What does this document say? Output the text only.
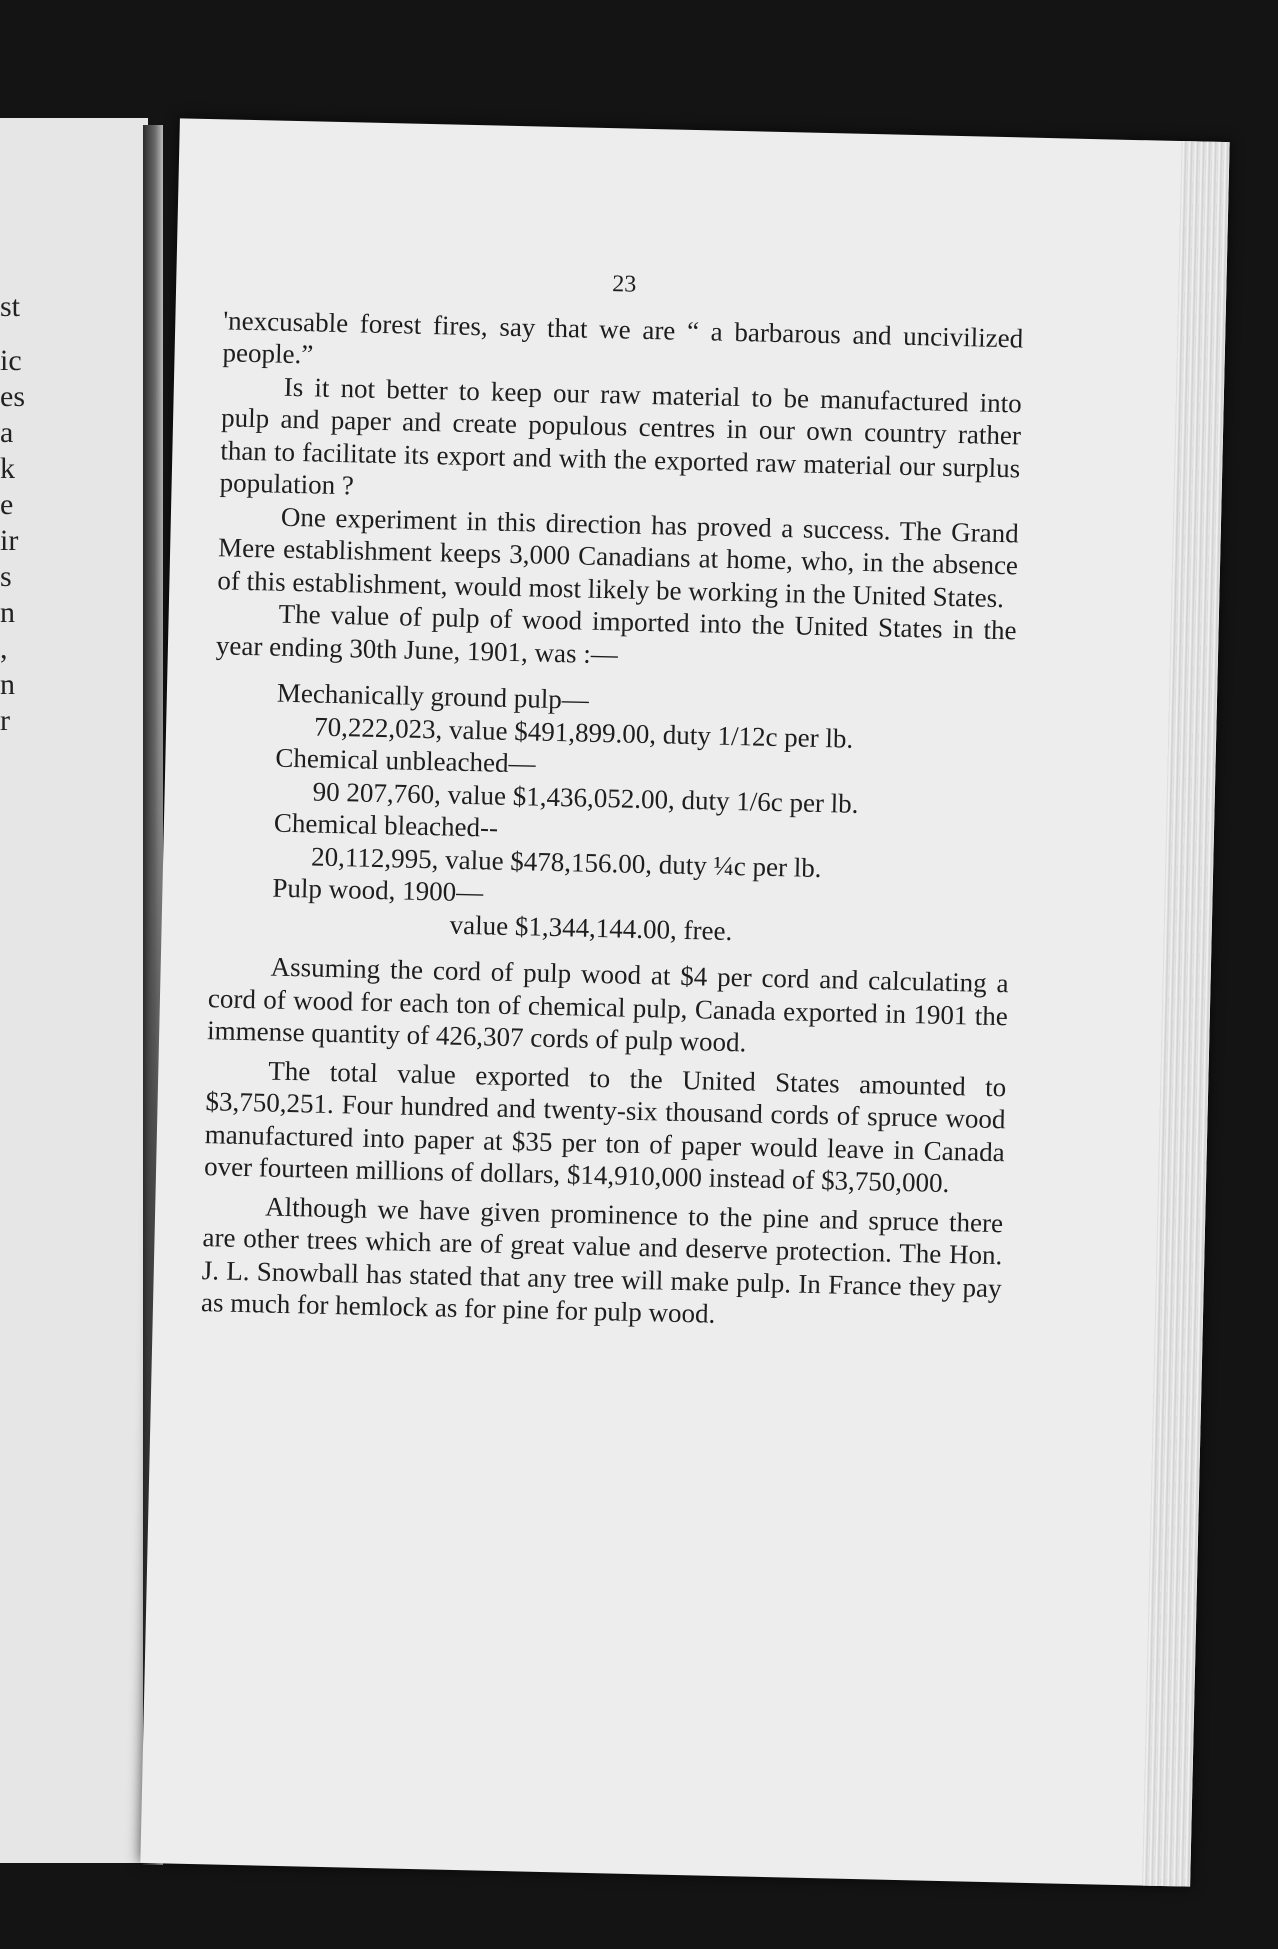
st
ic
es
a
k
e
ir
s
n
,
n
r
23

'nexcusable forest fires, say that we are “ a barbarous and uncivilized people.”

Is it not better to keep our raw material to be manufactured into pulp and paper and create populous centres in our own country rather than to facilitate its export and with the exported raw material our surplus population ?

One experiment in this direction has proved a success. The Grand Mere establishment keeps 3,000 Canadians at home, who, in the absence of this establishment, would most likely be working in the United States.

The value of pulp of wood imported into the United States in the year ending 30th June, 1901, was :—

Mechanically ground pulp—

70,222,023, value $491,899.00, duty 1/12c per lb.

Chemical unbleached—

90 207,760, value $1,436,052.00, duty 1/6c per lb.

Chemical bleached--

20,112,995, value $478,156.00, duty ¼c per lb.

Pulp wood, 1900—

value $1,344,144.00, free.

Assuming the cord of pulp wood at $4 per cord and calculating a cord of wood for each ton of chemical pulp, Canada exported in 1901 the immense quantity of 426,307 cords of pulp wood.

The total value exported to the United States amounted to $3,750,251. Four hundred and twenty-six thousand cords of spruce wood manufactured into paper at $35 per ton of paper would leave in Canada over fourteen millions of dollars, $14,910,000 instead of $3,750,000.

Although we have given prominence to the pine and spruce there are other trees which are of great value and deserve protection. The Hon. J. L. Snowball has stated that any tree will make pulp. In France they pay as much for hemlock as for pine for pulp wood.
